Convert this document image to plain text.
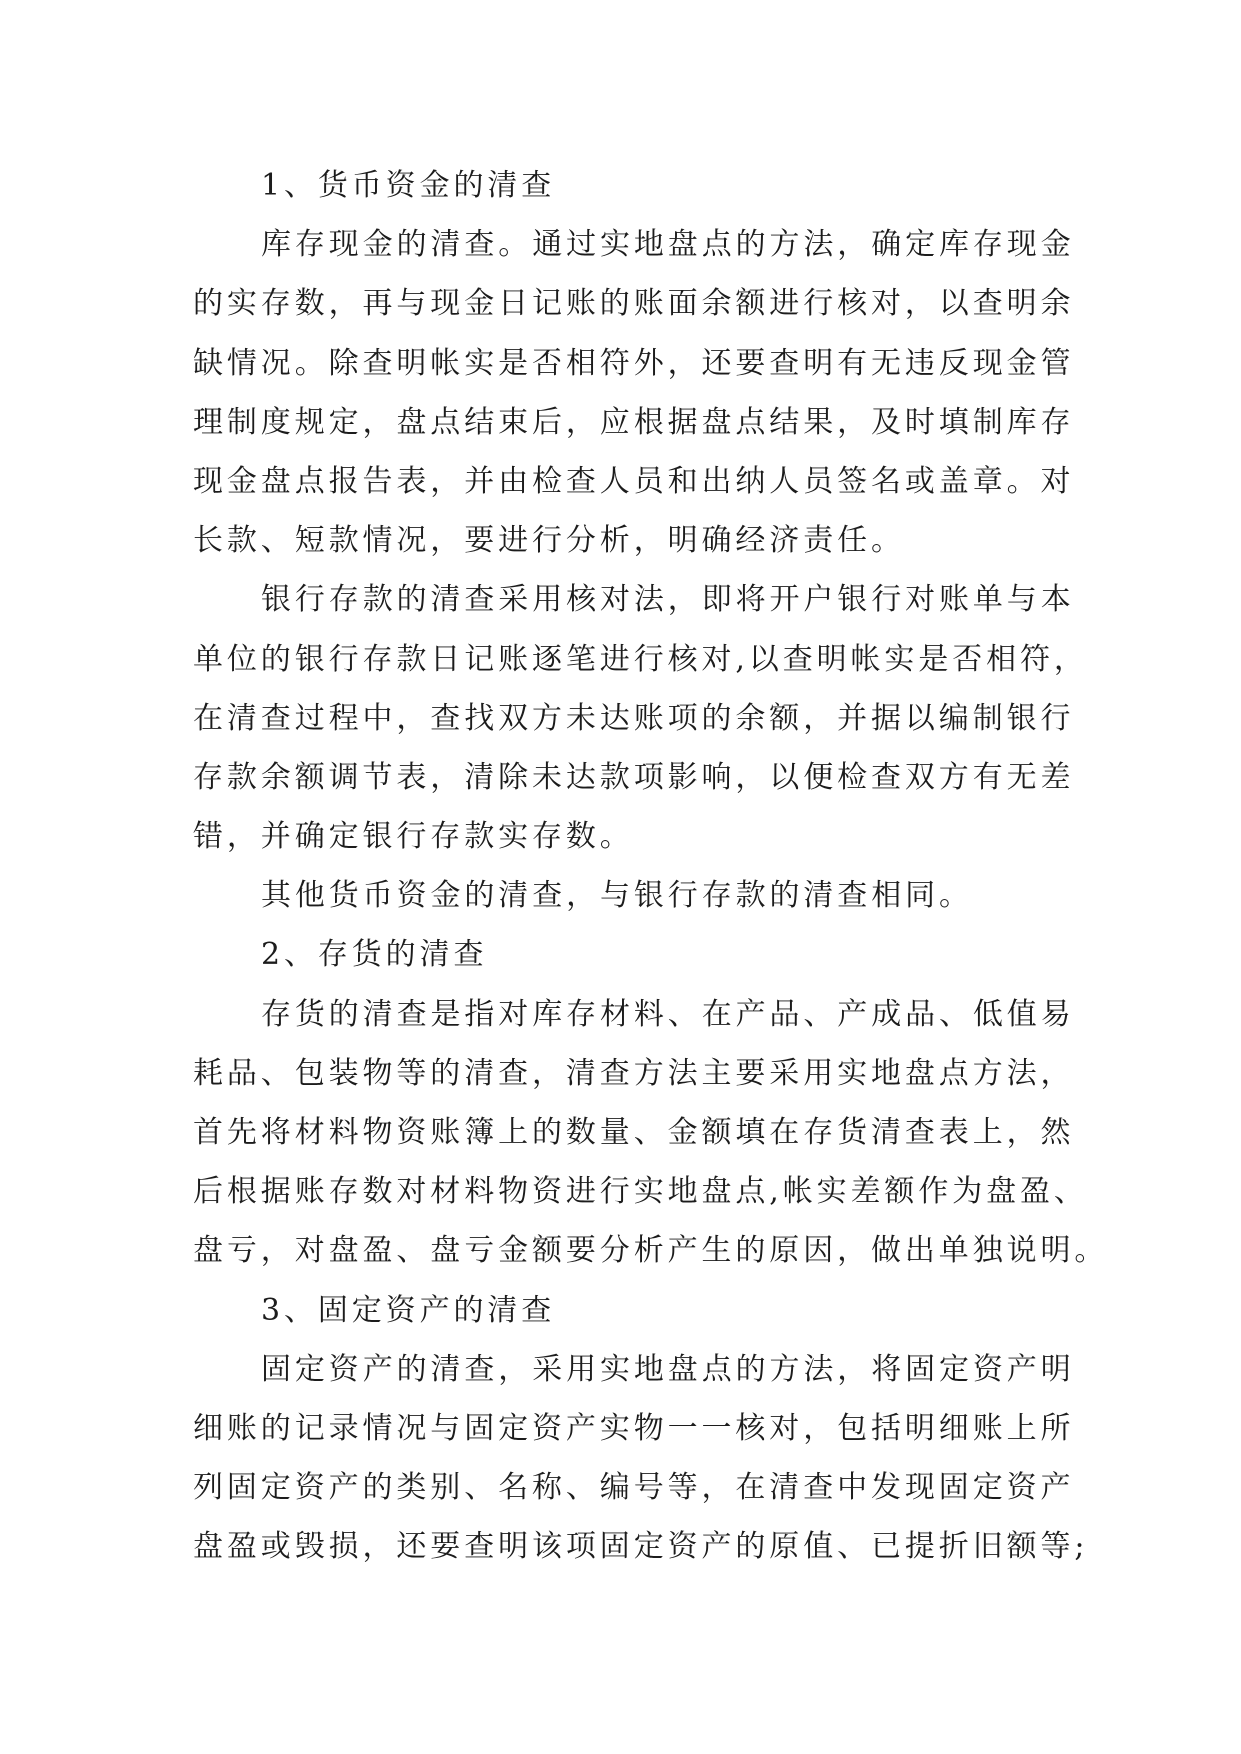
1、货币资金的清查
库存现金的清查。通过实地盘点的方法，确定库存现金
的实存数，再与现金日记账的账面余额进行核对，以查明余
缺情况。除查明帐实是否相符外，还要查明有无违反现金管
理制度规定，盘点结束后，应根据盘点结果，及时填制库存
现金盘点报告表，并由检查人员和出纳人员签名或盖章。对
长款、短款情况，要进行分析，明确经济责任。
银行存款的清查采用核对法，即将开户银行对账单与本
单位的银行存款日记账逐笔进行核对,以查明帐实是否相符，
在清查过程中，查找双方未达账项的余额，并据以编制银行
存款余额调节表，清除未达款项影响，以便检查双方有无差
错，并确定银行存款实存数。
其他货币资金的清查，与银行存款的清查相同。
2、存货的清查
存货的清查是指对库存材料、在产品、产成品、低值易
耗品、包装物等的清查，清查方法主要采用实地盘点方法，
首先将材料物资账簿上的数量、金额填在存货清查表上，然
后根据账存数对材料物资进行实地盘点,帐实差额作为盘盈、
盘亏，对盘盈、盘亏金额要分析产生的原因，做出单独说明。
3、固定资产的清查
固定资产的清查，采用实地盘点的方法，将固定资产明
细账的记录情况与固定资产实物一一核对，包括明细账上所
列固定资产的类别、名称、编号等，在清查中发现固定资产
盘盈或毁损，还要查明该项固定资产的原值、已提折旧额等;
